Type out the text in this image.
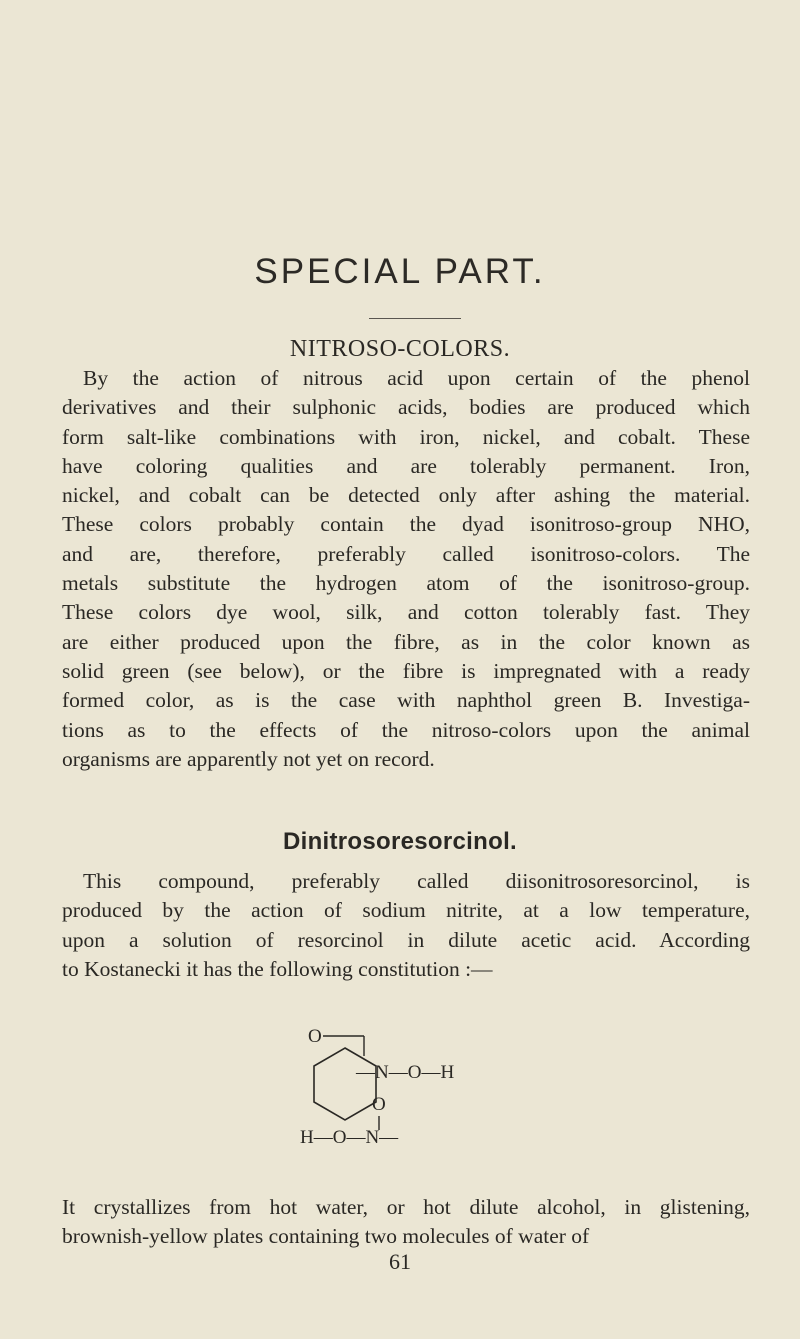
SPECIAL PART.
NITROSO-COLORS.

By the action of nitrous acid upon certain of the phenol
derivatives and their sulphonic acids, bodies are produced which
form salt-like combinations with iron, nickel, and cobalt. These
have coloring qualities and are tolerably permanent. Iron,
nickel, and cobalt can be detected only after ashing the material.
These colors probably contain the dyad isonitroso-group NHO,
and are, therefore, preferably called isonitroso-colors. The
metals substitute the hydrogen atom of the isonitroso-group.
These colors dye wool, silk, and cotton tolerably fast. They
are either produced upon the fibre, as in the color known as
solid green (see below), or the fibre is impregnated with a ready
formed color, as is the case with naphthol green B. Investiga-
tions as to the effects of the nitroso-colors upon the animal
organisms are apparently not yet on record.

Dinitrosoresorcinol.

This compound, preferably called diisonitrosoresorcinol, is
produced by the action of sodium nitrite, at a low temperature,
upon a solution of resorcinol in dilute acetic acid. According
to Kostanecki it has the following constitution :—

O
—N—O—H
O
H—O—N—

It crystallizes from hot water, or hot dilute alcohol, in glistening,
brownish-yellow plates containing two molecules of water of

61
